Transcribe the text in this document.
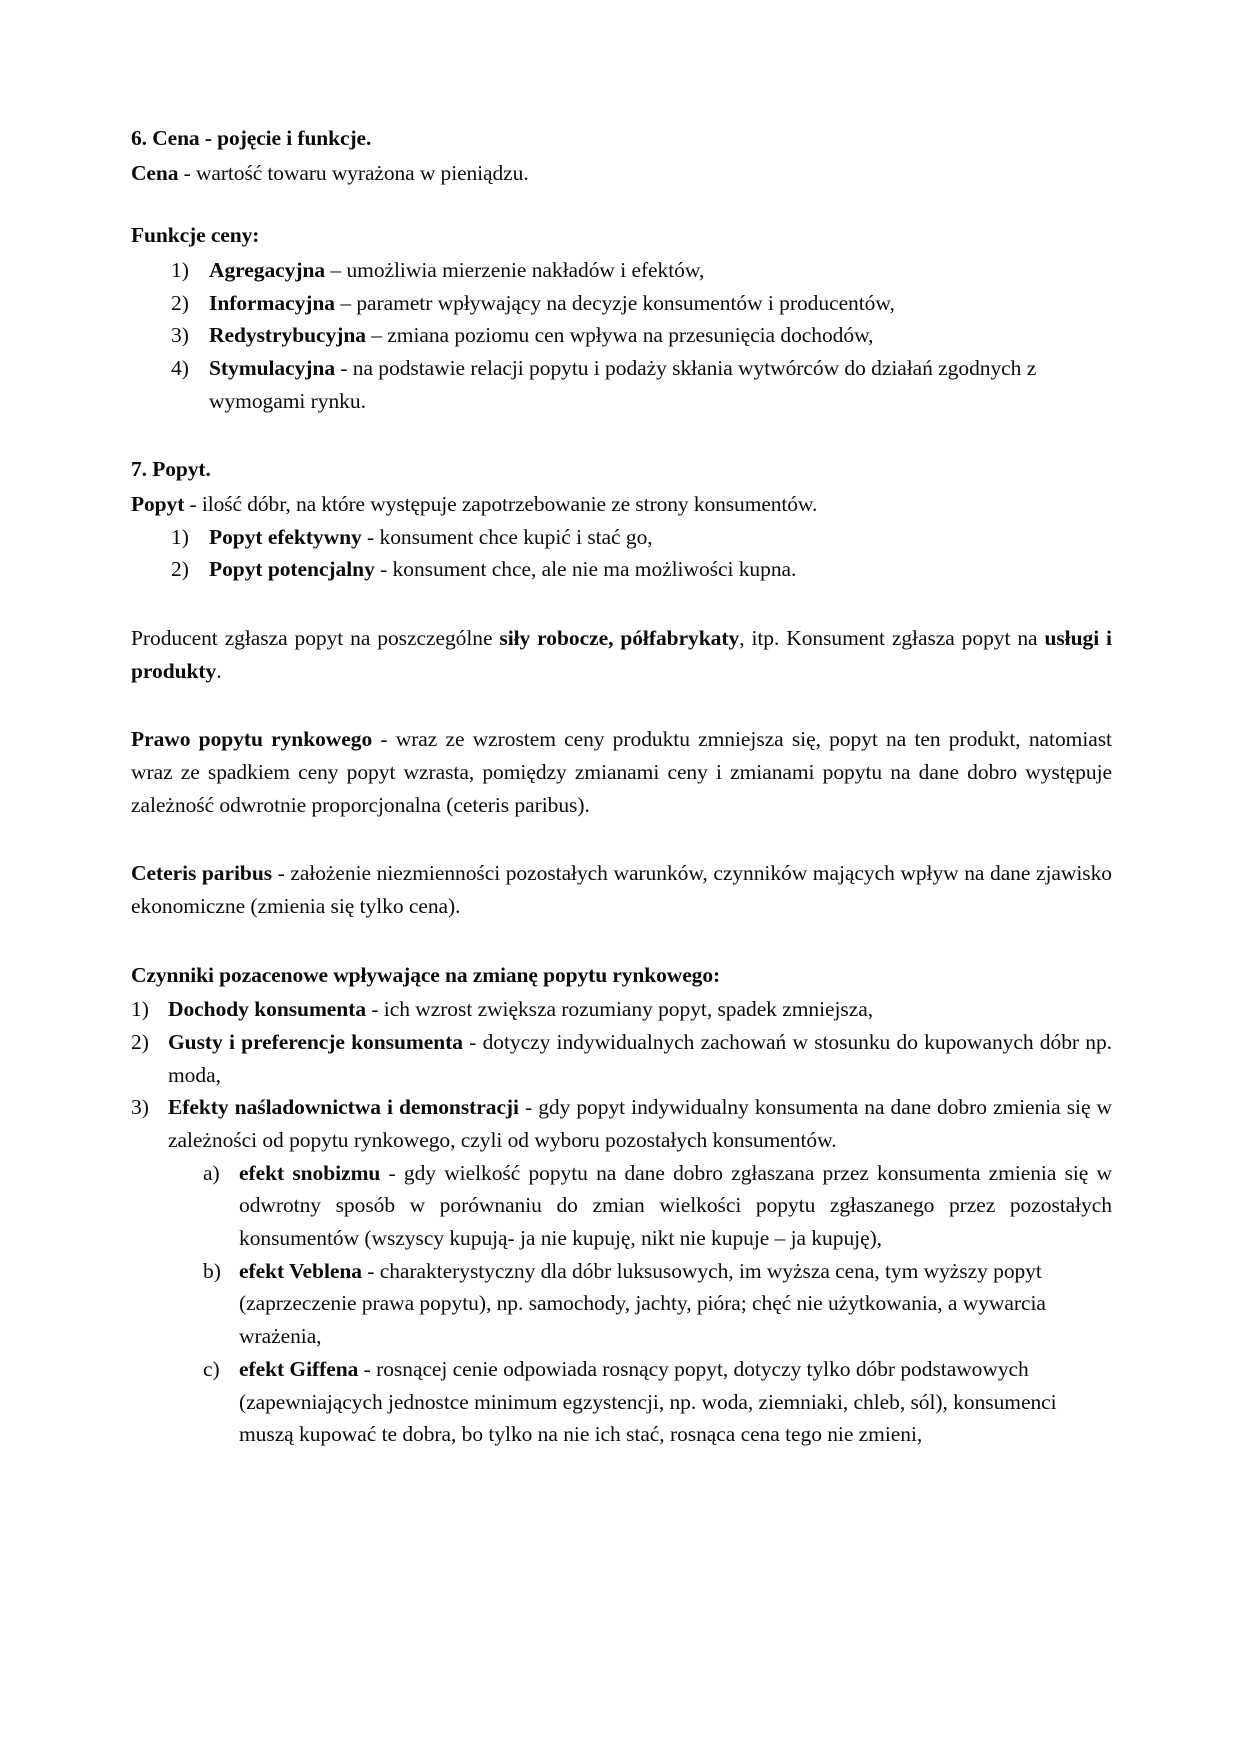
6. Cena - pojęcie i funkcje.

Cena - wartość towaru wyrażona w pieniądzu.

Funkcje ceny:

1) Agregacyjna – umożliwia mierzenie nakładów i efektów,
2) Informacyjna – parametr wpływający na decyzje konsumentów i producentów,
3) Redystrybucyjna – zmiana poziomu cen wpływa na przesunięcia dochodów,
4) Stymulacyjna - na podstawie relacji popytu i podaży skłania wytwórców do działań zgodnych z wymogami rynku.

7. Popyt.

Popyt - ilość dóbr, na które występuje zapotrzebowanie ze strony konsumentów.

1) Popyt efektywny - konsument chce kupić i stać go,
2) Popyt potencjalny - konsument chce, ale nie ma możliwości kupna.

Producent zgłasza popyt na poszczególne siły robocze, półfabrykaty, itp. Konsument zgłasza popyt na usługi i produkty.

Prawo popytu rynkowego - wraz ze wzrostem ceny produktu zmniejsza się, popyt na ten produkt, natomiast wraz ze spadkiem ceny popyt wzrasta, pomiędzy zmianami ceny i zmianami popytu na dane dobro występuje zależność odwrotnie proporcjonalna (ceteris paribus).

Ceteris paribus - założenie niezmienności pozostałych warunków, czynników mających wpływ na dane zjawisko ekonomiczne (zmienia się tylko cena).

Czynniki pozacenowe wpływające na zmianę popytu rynkowego:

1) Dochody konsumenta - ich wzrost zwiększa rozumiany popyt, spadek zmniejsza,
2) Gusty i preferencje konsumenta - dotyczy indywidualnych zachowań w stosunku do kupowanych dóbr np. moda,
3) Efekty naśladownictwa i demonstracji - gdy popyt indywidualny konsumenta na dane dobro zmienia się w zależności od popytu rynkowego, czyli od wyboru pozostałych konsumentów.
a) efekt snobizmu - gdy wielkość popytu na dane dobro zgłaszana przez konsumenta zmienia się w odwrotny sposób w porównaniu do zmian wielkości popytu zgłaszanego przez pozostałych konsumentów (wszyscy kupują- ja nie kupuję, nikt nie kupuje – ja kupuję),
b) efekt Veblena - charakterystyczny dla dóbr luksusowych, im wyższa cena, tym wyższy popyt (zaprzeczenie prawa popytu), np. samochody, jachty, pióra; chęć nie użytkowania, a wywarcia wrażenia,
c) efekt Giffena - rosnącej cenie odpowiada rosnący popyt, dotyczy tylko dóbr podstawowych (zapewniających jednostce minimum egzystencji, np. woda, ziemniaki, chleb, sól), konsumenci muszą kupować te dobra, bo tylko na nie ich stać, rosnąca cena tego nie zmieni,
